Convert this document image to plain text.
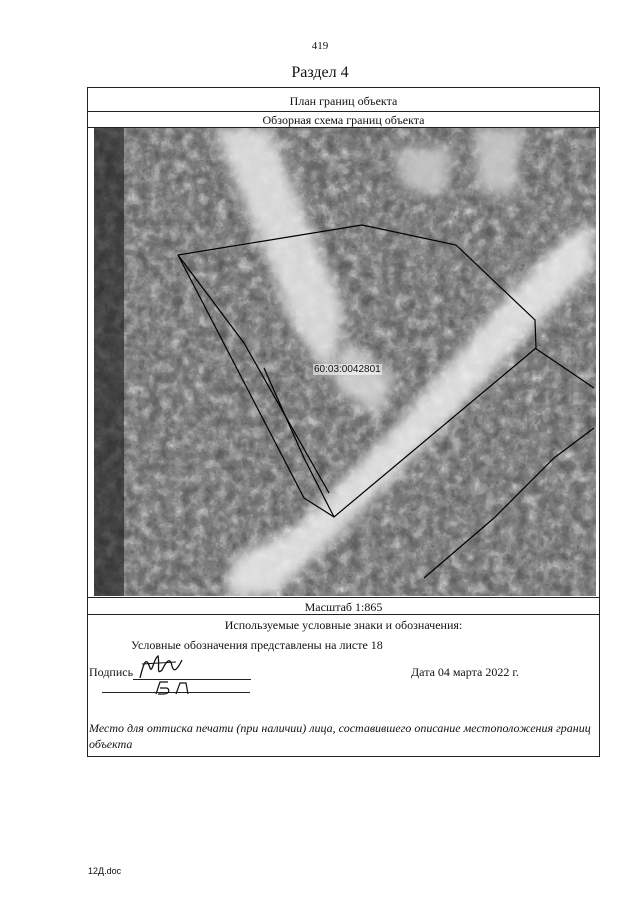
419
Раздел 4
План границ объекта
Обзорная схема границ объекта
60:03:0042801
Масштаб 1:865
Используемые условные знаки и обозначения:
Условные обозначения представлены на листе 18
Подпись	Дата 04 марта 2022 г.
Место для оттиска печати (при наличии) лица, составившего описание местоположения границ объекта
12Д.doc
